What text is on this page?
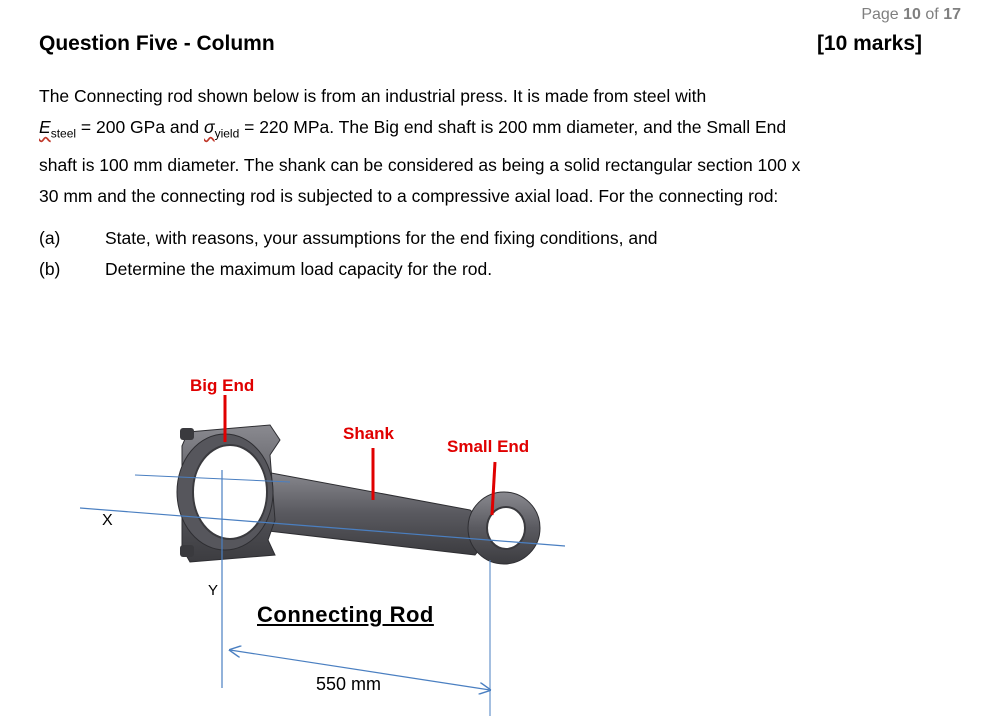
Page 10 of 17
Question Five - Column	[10 marks]
The Connecting rod shown below is from an industrial press. It is made from steel with
$E_{steel} = 200$ GPa and $\sigma_{yield} = 220$ MPa. The Big end shaft is 200 mm diameter, and the Small End
shaft is 100 mm diameter. The shank can be considered as being a solid rectangular section 100 x
30 mm and the connecting rod is subjected to a compressive axial load. For the connecting rod:
(a)	State, with reasons, your assumptions for the end fixing conditions, and
(b)	Determine the maximum load capacity for the rod.
Big End
Shank
Small End
X
Y
Connecting Rod
550 mm
